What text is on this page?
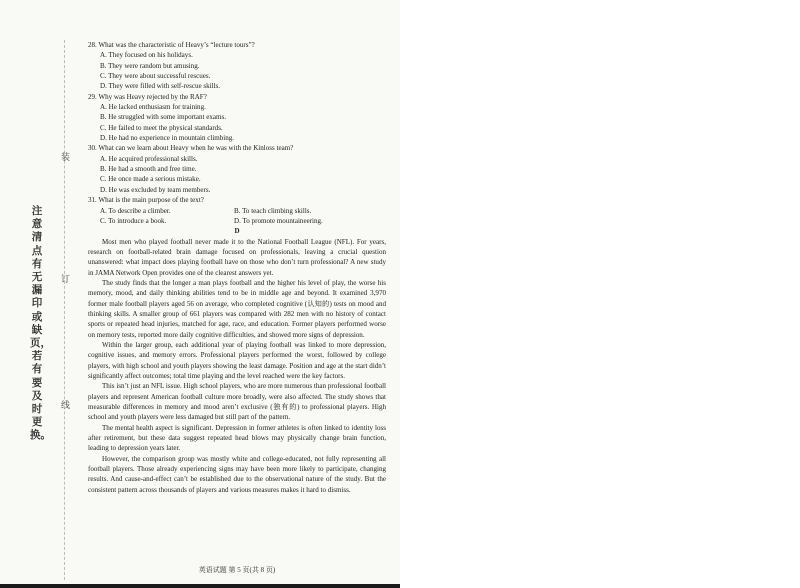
注意清点有无漏印或缺页，若有要及时更换。
装
订
线

28. What was the characteristic of Heavy’s “lecture tours”?

A. They focused on his holidays.

B. They were random but amusing.

C. They were about successful rescues.

D. They were filled with self-rescue skills.

29. Why was Heavy rejected by the RAF?

A. He lacked enthusiasm for training.

B. He struggled with some important exams.

C. He failed to meet the physical standards.

D. He had no experience in mountain climbing.

30. What can we learn about Heavy when he was with the Kinloss team?

A. He acquired professional skills.

B. He had a smooth and free time.

C. He once made a serious mistake.

D. He was excluded by team members.

31. What is the main purpose of the text?

A. To describe a climber.	B. To teach climbing skills.
C. To introduce a book.	D. To promote mountaineering.

D

Most men who played football never made it to the National Football League (NFL). For years, research on football-related brain damage focused on professionals, leaving a crucial question unanswered: what impact does playing football have on those who don’t turn professional? A new study in JAMA Network Open provides one of the clearest answers yet.

The study finds that the longer a man plays football and the higher his level of play, the worse his memory, mood, and daily thinking abilities tend to be in middle age and beyond. It examined 3,970 former male football players aged 56 on average, who completed cognitive (认知的) tests on mood and thinking skills. A smaller group of 661 players was compared with 282 men with no history of contact sports or repeated head injuries, matched for age, race, and education. Former players performed worse on memory tests, reported more daily cognitive difficulties, and showed more signs of depression.

Within the larger group, each additional year of playing football was linked to more depression, cognitive issues, and memory errors. Professional players performed the worst, followed by college players, with high school and youth players showing the least damage. Position and age at the start didn’t significantly affect outcomes; total time playing and the level reached were the key factors.

This isn’t just an NFL issue. High school players, who are more numerous than professional football players and represent American football culture more broadly, were also affected. The study shows that measurable differences in memory and mood aren’t exclusive (独有的) to professional players. High school and youth players were less damaged but still part of the pattern.

The mental health aspect is significant. Depression in former athletes is often linked to identity loss after retirement, but these data suggest repeated head blows may physically change brain function, leading to depression years later.

However, the comparison group was mostly white and college-educated, not fully representing all football players. Those already experiencing signs may have been more likely to participate, changing results. And cause-and-effect can’t be established due to the observational nature of the study. But the consistent pattern across thousands of players and various measures makes it hard to dismiss.

英语试题 第 5 页(共 8 页)
